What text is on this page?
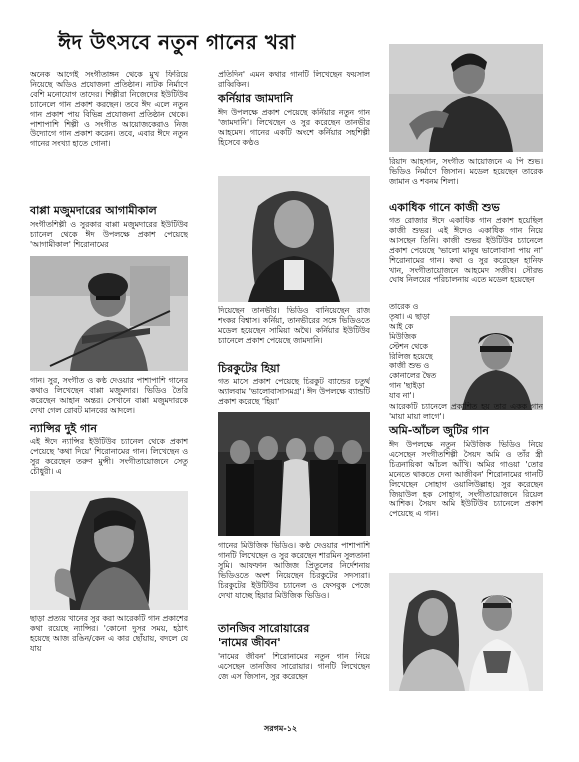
ঈদ উৎসবে নতুন গানের খরা
অনেক আগেই সংগীতাঙ্গন থেকে মুখ ফিরিয়ে নিয়েছে অডিও প্রযোজনা প্রতিষ্ঠান। নাটক নির্মাণে বেশি মনোযোগ তাদের। শিল্পীরা নিজেদের ইউটিউব চ্যানেলে গান প্রকাশ করছেন। তবে ঈদ এলে নতুন গান প্রকাশ পায় বিভিন্ন প্রযোজনা প্রতিষ্ঠান থেকে। পাশাপাশি শিল্পী ও সংগীত আয়োজকেরাও নিজ উদ্যোগে গান প্রকাশ করেন। তবে, এবার ঈদে নতুন গানের সংখ্যা হাতে গোনা।
বাপ্পা মজুমদারের আগামীকাল
সংগীতশিল্পী ও সুরকার বাপ্পা মজুমদারের ইউটিউব চ্যানেল থেকে ঈদ উপলক্ষে প্রকাশ পেয়েছে 'আগামীকাল' শিরোনামের
গান। সুর, সংগীত ও কণ্ঠ দেওয়ার পাশাপাশি গানের কথাও লিখেছেন বাপ্পা মজুমদার। ভিডিও তৈরি করেছেন আহান অন্তর। সেখানে বাপ্পা মজুমদারকে দেখা গেল রোবট মানবের আদলে।
ন্যান্সির দুই গান
এই ঈদে ন্যান্সির ইউটিউব চ্যানেল থেকে প্রকাশ পেয়েছে 'কথা দিয়ে' শিরোনামের গান। লিখেছেন ও সুর করেছেন তরুণ মুন্সী। সংগীতায়োজনে সেতু চৌধুরী। এ
ছাড়া প্রত্যয় খানের সুর করা আরেকটি গান প্রকাশের কথা রয়েছে ন্যান্সির। 'কোনো দুসর সময়, হঠাৎ হয়েছে আজ রঙিন/কেন এ কার ছোঁয়ায়, বদলে যে যায়
প্রতিদিন' এমন কথার গানটি লিখেছেন ফয়সাল রাব্বিকিন।
কর্নিয়ার জামদানি
ঈদ উপলক্ষে প্রকাশ পেয়েছে কর্নিয়ার নতুন গান 'জামদানি'। লিখেছেন ও সুর করেছেন তানভীর আহমেদ। গানের একটি অংশে কর্নিয়ার সহশিল্পী হিসেবে কণ্ঠও
দিয়েছেন তানভীর। ভিডিও বানিয়েছেন রাজ শংকর বিশ্বাস। কর্নিয়া, তানভীরের সঙ্গে ভিডিওতে মডেল হয়েছেন সামিয়া অথৈ। কর্নিয়ার ইউটিউব চ্যানেলে প্রকাশ পেয়েছে জামদানি।
চিরকুটের হিয়া
গত মাসে প্রকাশ পেয়েছে চিরকুট ব্যান্ডের চতুর্থ অ্যালবাম 'ভালোবাসাসমগ্র'। ঈদ উপলক্ষে ব্যান্ডটি প্রকাশ করেছে 'হিয়া'
গানের মিউজিক ভিডিও। কণ্ঠ দেওয়ার পাশাপাশি গানটি লিখেছেন ও সুর করেছেন শারমিন সুলতানা সুমি। আফফান আজিজ প্রিতুলের নির্দেশনায় ভিডিওতে অংশ নিয়েছেন চিরকুটের সদস্যরা। চিরকুটের ইউটিউব চ্যানেল ও ফেসবুক পেজে দেখা যাচ্ছে হিয়ার মিউজিক ভিডিও।
তানজিব সারোয়ারের
'নামের জীবন'
'নামের জীবন' শিরোনামের নতুন গান নিয়ে এসেছেন তানজিব সারোয়ার। গানটি লিখেছেন জে এস জিসান, সুর করেছেন
রিয়াদ আহসান, সংগীত আয়োজনে এ পি শুভ। ভিডিও নির্মাণে জিসান। মডেল হয়েছেন তারেক জামান ও শবনম শিলা।
একাধিক গানে কাজী শুভ
গত রোজার ঈদে একাধিক গান প্রকাশ হয়েছিল কাজী শুভর। এই ঈদেও একাধিক গান নিয়ে আসছেন তিনি। কাজী শুভর ইউটিউব চ্যানেলে প্রকাশ পেয়েছে 'ভালো মানুষ ভালোবাসা পায় না' শিরোনামের গান। কথা ও সুর করেছেন হানিফ খান, সংগীতায়োজনে আহমেদ সজীব। সৌরভ ঘোষ নিলয়ের পরিচালনায় এতে মডেল হয়েছেন
তারেক ও
তৃষা। এ ছাড়া
আই কে
মিউজিক
স্টেশন থেকে
রিলিজ হয়েছে
কাজী শুভ ও
কোনালের দ্বৈত
গান 'ছাইড়া
যাব না'।
আরেকটি চ্যানেলে প্রকাশিত হয় তার একক গান 'মায়া মায়া লাগে'।
অমি-আঁচল জুটির গান
ঈদ উপলক্ষে নতুন মিউজিক ভিডিও নিয়ে এসেছেন সংগীতশিল্পী সৈয়দ অমি ও তাঁর স্ত্রী চিত্রনায়িকা আঁচল আঁখি। অমির গাওয়া 'তোর মনেতে থাকতে দেনা আজীবন' শিরোনামের গানটি লিখেছেন সোহাগ ওয়ালিউল্লাহ। সুর করেছেন জিয়াউল হক সোহাগ, সংগীতায়োজনে রিয়েল আশিক। সৈয়দ অমি ইউটিউব চ্যানেলে প্রকাশ পেয়েছে এ গান।
সরগম-১২
